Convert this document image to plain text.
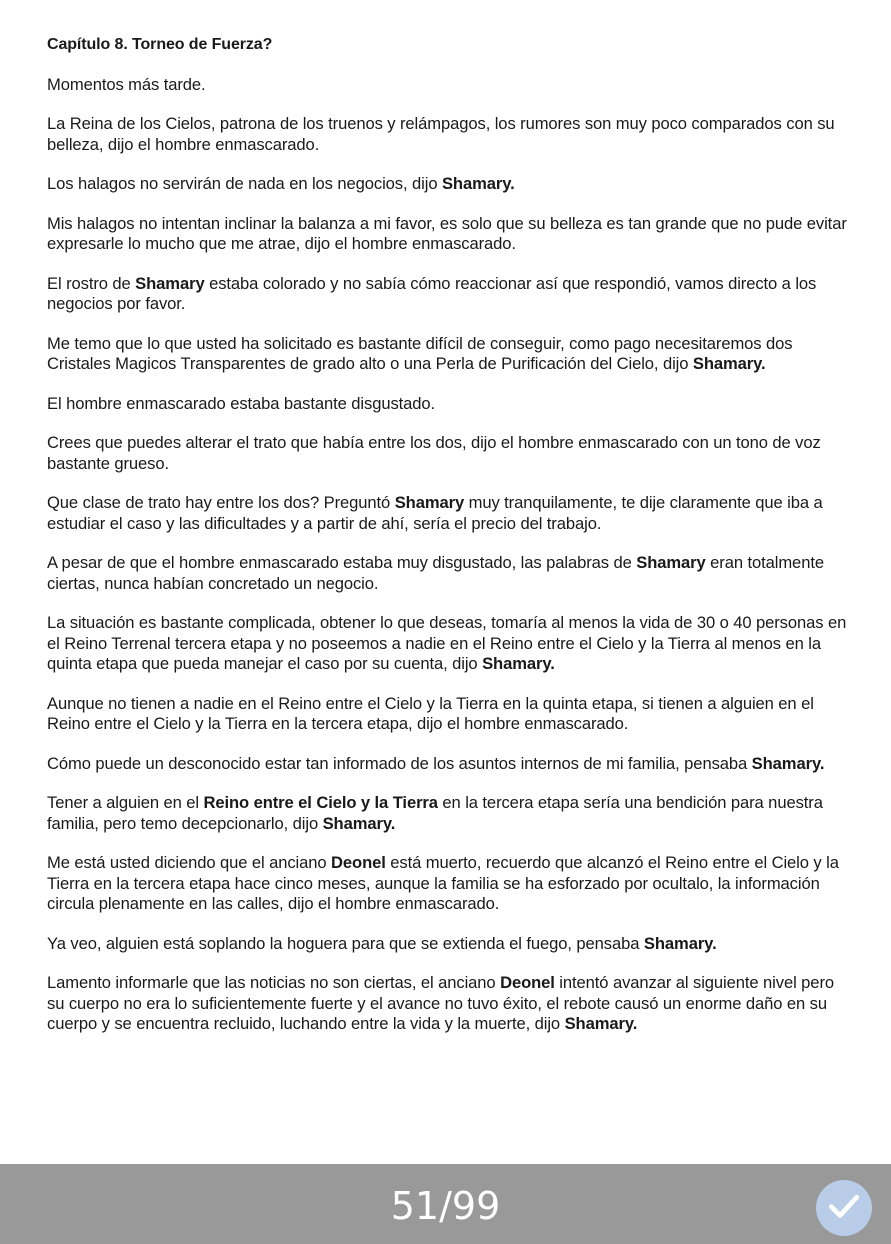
Capítulo 8. Torneo de Fuerza?
Momentos más tarde.
La Reina de los Cielos, patrona de los truenos y relámpagos, los rumores son muy poco comparados con su belleza, dijo el hombre enmascarado.
Los halagos no servirán de nada en los negocios, dijo Shamary.
Mis halagos no intentan inclinar la balanza a mi favor, es solo que su belleza es tan grande que no pude evitar expresarle lo mucho que me atrae, dijo el hombre enmascarado.
El rostro de Shamary estaba colorado y no sabía cómo reaccionar así que respondió, vamos directo a los negocios por favor.
Me temo que lo que usted ha solicitado es bastante difícil de conseguir, como pago necesitaremos dos Cristales Magicos Transparentes de grado alto o una Perla de Purificación del Cielo, dijo Shamary.
El hombre enmascarado estaba bastante disgustado.
Crees que puedes alterar el trato que había entre los dos, dijo el hombre enmascarado con un tono de voz bastante grueso.
Que clase de trato hay entre los dos? Preguntó Shamary muy tranquilamente, te dije claramente que iba a estudiar el caso y las dificultades y a partir de ahí, sería el precio del trabajo.
A pesar de que el hombre enmascarado estaba muy disgustado, las palabras de Shamary eran totalmente ciertas, nunca habían concretado un negocio.
La situación es bastante complicada, obtener lo que deseas, tomaría al menos la vida de 30 o 40 personas en el Reino Terrenal tercera etapa y no poseemos a nadie en el Reino entre el Cielo y la Tierra al menos en la quinta etapa que pueda manejar el caso por su cuenta, dijo Shamary.
Aunque no tienen a nadie en el Reino entre el Cielo y la Tierra en la quinta etapa, si tienen a alguien en el Reino entre el Cielo y la Tierra en la tercera etapa, dijo el hombre enmascarado.
Cómo puede un desconocido estar tan informado de los asuntos internos de mi familia, pensaba Shamary.
Tener a alguien en el Reino entre el Cielo y la Tierra en la tercera etapa sería una bendición para nuestra familia, pero temo decepcionarlo, dijo Shamary.
Me está usted diciendo que el anciano Deonel está muerto, recuerdo que alcanzó el Reino entre el Cielo y la Tierra en la tercera etapa hace cinco meses, aunque la familia se ha esforzado por ocultalo, la información circula plenamente en las calles, dijo el hombre enmascarado.
Ya veo, alguien está soplando la hoguera para que se extienda el fuego, pensaba Shamary.
Lamento informarle que las noticias no son ciertas, el anciano Deonel intentó avanzar al siguiente nivel pero su cuerpo no era lo suficientemente fuerte y el avance no tuvo éxito, el rebote causó un enorme daño en su cuerpo y se encuentra recluido, luchando entre la vida y la muerte, dijo Shamary.
51/99
